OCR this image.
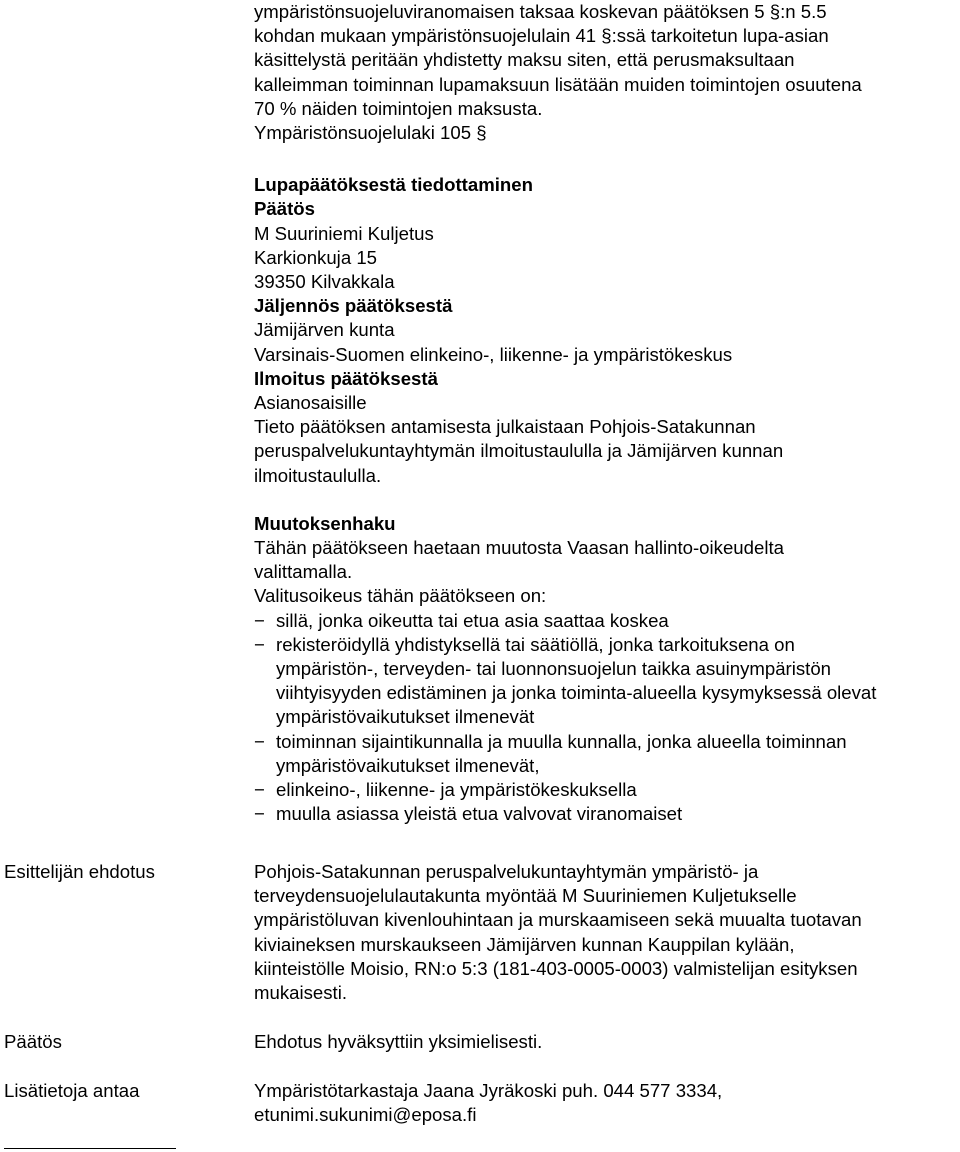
ympäristönsuojeluviranomaisen taksaa koskevan päätöksen 5 §:n 5.5
kohdan mukaan ympäristönsuojelulain 41 §:ssä tarkoitetun lupa-asian
käsittelystä peritään yhdistetty maksu siten, että perusmaksultaan
kalleimman toiminnan lupamaksuun lisätään muiden toimintojen osuutena
70 % näiden toimintojen maksusta.
Ympäristönsuojelulaki 105 §
Lupapäätöksestä tiedottaminen
Päätös
M Suuriniemi Kuljetus
Karkionkuja 15
39350 Kilvakkala
Jäljennös päätöksestä
Jämijärven kunta
Varsinais-Suomen elinkeino-, liikenne- ja ympäristökeskus
Ilmoitus päätöksestä
Asianosaisille
Tieto päätöksen antamisesta julkaistaan Pohjois-Satakunnan
peruspalvelukuntayhtymän ilmoitustaululla ja Jämijärven kunnan
ilmoitustaululla.
Muutoksenhaku
Tähän päätökseen haetaan muutosta Vaasan hallinto-oikeudelta
valittamalla.
Valitusoikeus tähän päätökseen on:
− sillä, jonka oikeutta tai etua asia saattaa koskea
− rekisteröidyllä yhdistyksellä tai säätiöllä, jonka tarkoituksena on
ympäristön-, terveyden- tai luonnonsuojelun taikka asuinympäristön
viihtyisyyden edistäminen ja jonka toiminta-alueella kysymyksessä olevat
ympäristövaikutukset ilmenevät
− toiminnan sijaintikunnalla ja muulla kunnalla, jonka alueella toiminnan
ympäristövaikutukset ilmenevät,
− elinkeino-, liikenne- ja ympäristökeskuksella
− muulla asiassa yleistä etua valvovat viranomaiset
Esittelijän ehdotus	Pohjois-Satakunnan peruspalvelukuntayhtymän ympäristö- ja
terveydensuojelulautakunta myöntää M Suuriniemen Kuljetukselle
ympäristöluvan kivenlouhintaan ja murskaamiseen sekä muualta tuotavan
kiviaineksen murskaukseen Jämijärven kunnan Kauppilan kylään,
kiinteistölle Moisio, RN:o 5:3 (181-403-0005-0003) valmistelijan esityksen
mukaisesti.
Päätös	Ehdotus hyväksyttiin yksimielisesti.
Lisätietoja antaa	Ympäristötarkastaja Jaana Jyräkoski puh. 044 577 3334,
etunimi.sukunimi@eposa.fi
